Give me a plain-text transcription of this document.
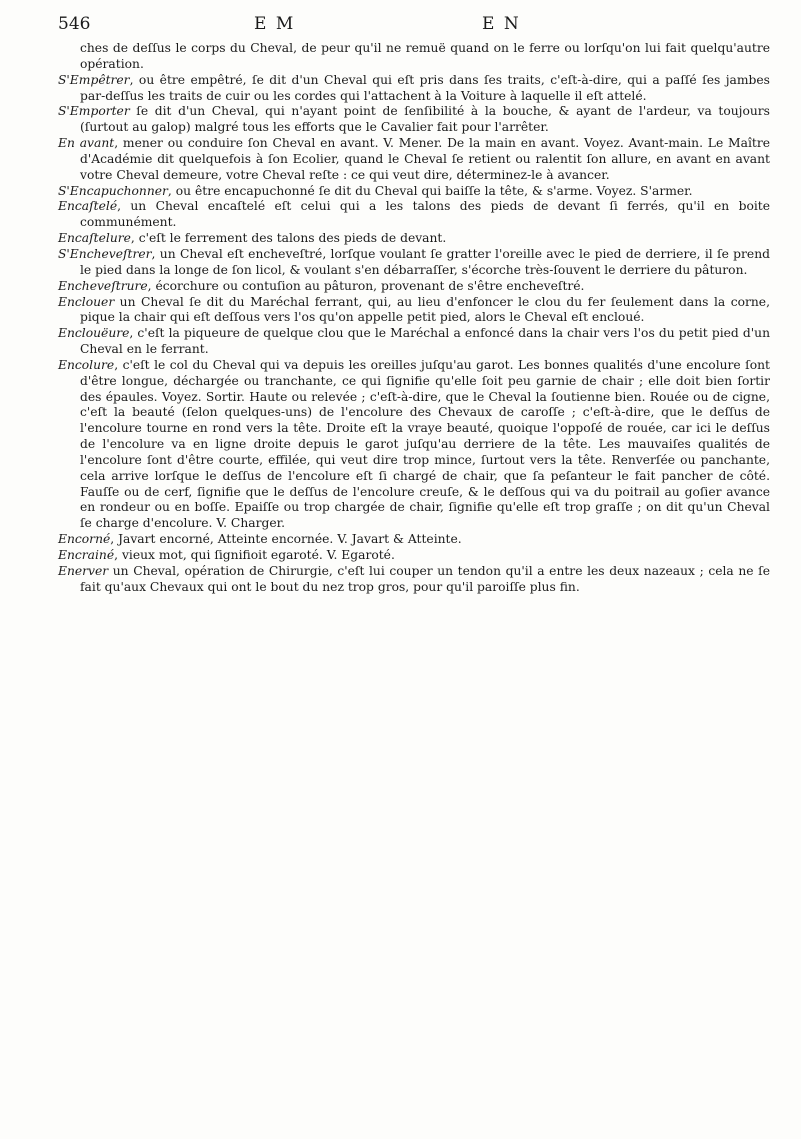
546	E M	E N

ches de deſſus le corps du Cheval, de peur qu'il ne remuë quand on le ferre ou lorſqu'on lui fait quelqu'autre opération.

S'Empêtrer, ou être empêtré, ſe dit d'un Cheval qui eſt pris dans ſes traits, c'eſt-à-dire, qui a paſſé ſes jambes par-deſſus les traits de cuir ou les cordes qui l'attachent à la Voiture à laquelle il eſt attelé.

S'Emporter ſe dit d'un Cheval, qui n'ayant point de ſenſibilité à la bouche, & ayant de l'ardeur, va toujours (ſurtout au galop) malgré tous les efforts que le Cavalier fait pour l'arrêter.

En avant, mener ou conduire ſon Cheval en avant. V. Mener. De la main en avant. Voyez. Avant-main. Le Maître d'Académie dit quelquefois à ſon Ecolier, quand le Cheval ſe retient ou ralentit ſon allure, en avant en avant votre Cheval demeure, votre Cheval reſte : ce qui veut dire, déterminez-le à avancer.

S'Encapuchonner, ou être encapuchonné ſe dit du Cheval qui baiſſe la tête, & s'arme. Voyez. S'armer.

Encaſtelé, un Cheval encaſtelé eſt celui qui a les talons des pieds de devant ſi ferrés, qu'il en boite communément.

Encaſtelure, c'eſt le ferrement des talons des pieds de devant.

S'Encheveſtrer, un Cheval eſt encheveſtré, lorſque voulant ſe gratter l'oreille avec le pied de derriere, il ſe prend le pied dans la longe de ſon licol, & voulant s'en débarraſſer, s'écorche très-ſouvent le derriere du pâturon.

Encheveſtrure, écorchure ou contuſion au pâturon, provenant de s'être encheveſtré.

Enclouer un Cheval ſe dit du Maréchal ferrant, qui, au lieu d'enfoncer le clou du fer ſeulement dans la corne, pique la chair qui eſt deſſous vers l'os qu'on appelle petit pied, alors le Cheval eſt encloué.

Enclouëure, c'eſt la piqueure de quelque clou que le Maréchal a enfoncé dans la chair vers l'os du petit pied d'un Cheval en le ferrant.

Encolure, c'eſt le col du Cheval qui va depuis les oreilles juſqu'au garot. Les bonnes qualités d'une encolure ſont d'être longue, déchargée ou tranchante, ce qui ſignifie qu'elle ſoit peu garnie de chair ; elle doit bien ſortir des épaules. Voyez. Sortir. Haute ou relevée ; c'eſt-à-dire, que le Cheval la ſoutienne bien. Rouée ou de cigne, c'eſt la beauté (ſelon quelques-uns) de l'encolure des Chevaux de caroſſe ; c'eſt-à-dire, que le deſſus de l'encolure tourne en rond vers la tête. Droite eſt la vraye beauté, quoique l'oppoſé de rouée, car ici le deſſus de l'encolure va en ligne droite depuis le garot juſqu'au derriere de la tête. Les mauvaiſes qualités de l'encolure ſont d'être courte, effilée, qui veut dire trop mince, ſurtout vers la tête. Renverſée ou panchante, cela arrive lorſque le deſſus de l'encolure eſt ſi chargé de chair, que ſa peſanteur le fait pancher de côté. Fauſſe ou de cerf, ſignifie que le deſſus de l'encolure creuſe, & le deſſous qui va du poitrail au goſier avance en rondeur ou en boſſe. Epaiſſe ou trop chargée de chair, ſignifie qu'elle eſt trop graſſe ; on dit qu'un Cheval ſe charge d'encolure. V. Charger.

Encorné, Javart encorné, Atteinte encornée. V. Javart & Atteinte.

Encrainé, vieux mot, qui ſignifioit egaroté. V. Egaroté.

Enerver un Cheval, opération de Chirurgie, c'eſt lui couper un tendon qu'il a entre les deux nazeaux ; cela ne ſe fait qu'aux Chevaux qui ont le bout du nez trop gros, pour qu'il paroiſſe plus fin.
